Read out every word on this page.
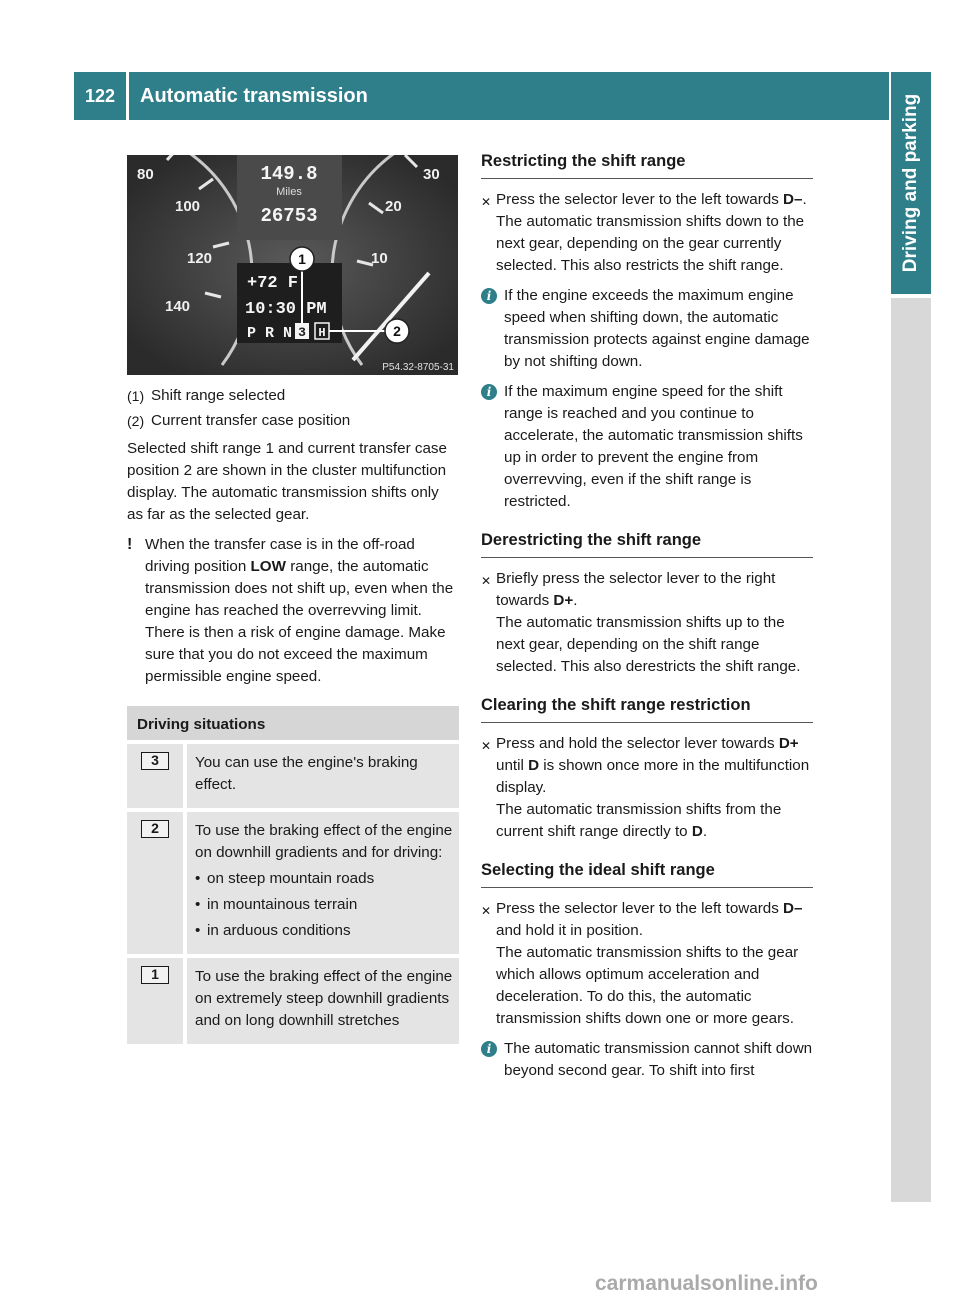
122	Automatic transmission	Driving and parking
80
100
120
140
30
20
10
149.8
Miles
26753
+72 F
10:30 PM
P R N 3 H
1
2
P54.32-8705-31
(1) Shift range selected
(2) Current transfer case position

Selected shift range 1 and current transfer case position 2 are shown in the cluster multifunction display. The automatic transmission shifts only as far as the selected gear.

! When the transfer case is in the off-road driving position LOW range, the automatic transmission does not shift up, even when the engine has reached the overrevving limit. There is then a risk of engine damage. Make sure that you do not exceed the maximum permissible engine speed.
Driving situations
3	You can use the engine's braking effect.
2	To use the braking effect of the engine on downhill gradients and for driving:
• on steep mountain roads
• in mountainous terrain
• in arduous conditions
1	To use the braking effect of the engine on extremely steep downhill gradients and on long downhill stretches
Restricting the shift range
✕ Press the selector lever to the left towards D–.
The automatic transmission shifts down to the next gear, depending on the gear currently selected. This also restricts the shift range.
i If the engine exceeds the maximum engine speed when shifting down, the automatic transmission protects against engine damage by not shifting down.
i If the maximum engine speed for the shift range is reached and you continue to accelerate, the automatic transmission shifts up in order to prevent the engine from overrevving, even if the shift range is restricted.
Derestricting the shift range
✕ Briefly press the selector lever to the right towards D+.
The automatic transmission shifts up to the next gear, depending on the shift range selected. This also derestricts the shift range.
Clearing the shift range restriction
✕ Press and hold the selector lever towards D+ until D is shown once more in the multifunction display.
The automatic transmission shifts from the current shift range directly to D.
Selecting the ideal shift range
✕ Press the selector lever to the left towards D– and hold it in position.
The automatic transmission shifts to the gear which allows optimum acceleration and deceleration. To do this, the automatic transmission shifts down one or more gears.
i The automatic transmission cannot shift down beyond second gear. To shift into first
carmanualsonline.info
